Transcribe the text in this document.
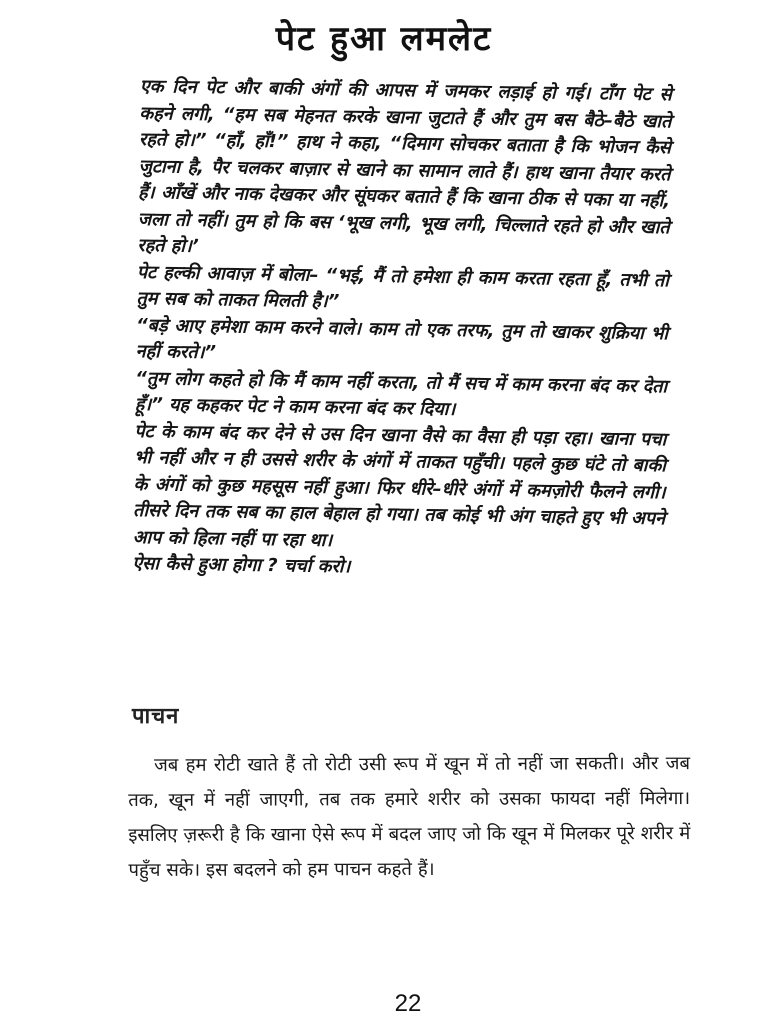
पेट हुआ लमलेट

एक दिन पेट और बाकी अंगों की आपस में जमकर लड़ाई हो गई। टाँग पेट से कहने लगी, “हम सब मेहनत करके खाना जुटाते हैं और तुम बस बैठे–बैठे खाते रहते हो।” “हाँ, हाँ!” हाथ ने कहा, “दिमाग सोचकर बताता है कि भोजन कैसे जुटाना है, पैर चलकर बाज़ार से खाने का सामान लाते हैं। हाथ खाना तैयार करते हैं। आँखें और नाक देखकर और सूंघकर बताते हैं कि खाना ठीक से पका या नहीं, जला तो नहीं। तुम हो कि बस ‘भूख लगी, भूख लगी, चिल्लाते रहते हो और खाते रहते हो।’

पेट हल्की आवाज़ में बोला– “भई, मैं तो हमेशा ही काम करता रहता हूँ, तभी तो तुम सब को ताकत मिलती है।”

“बड़े आए हमेशा काम करने वाले। काम तो एक तरफ, तुम तो खाकर शुक्रिया भी नहीं करते।”

“तुम लोग कहते हो कि मैं काम नहीं करता, तो मैं सच में काम करना बंद कर देता हूँ।” यह कहकर पेट ने काम करना बंद कर दिया।

पेट के काम बंद कर देने से उस दिन खाना वैसे का वैसा ही पड़ा रहा। खाना पचा भी नहीं और न ही उससे शरीर के अंगों में ताकत पहुँची। पहले कुछ घंटे तो बाकी के अंगों को कुछ महसूस नहीं हुआ। फिर धीरे–धीरे अंगों में कमज़ोरी फैलने लगी। तीसरे दिन तक सब का हाल बेहाल हो गया। तब कोई भी अंग चाहते हुए भी अपने आप को हिला नहीं पा रहा था।

ऐसा कैसे हुआ होगा ? चर्चा करो।

पाचन

जब हम रोटी खाते हैं तो रोटी उसी रूप में खून में तो नहीं जा सकती। और जब तक, खून में नहीं जाएगी, तब तक हमारे शरीर को उसका फायदा नहीं मिलेगा। इसलिए ज़रूरी है कि खाना ऐसे रूप में बदल जाए जो कि खून में मिलकर पूरे शरीर में पहुँच सके। इस बदलने को हम पाचन कहते हैं।

22
